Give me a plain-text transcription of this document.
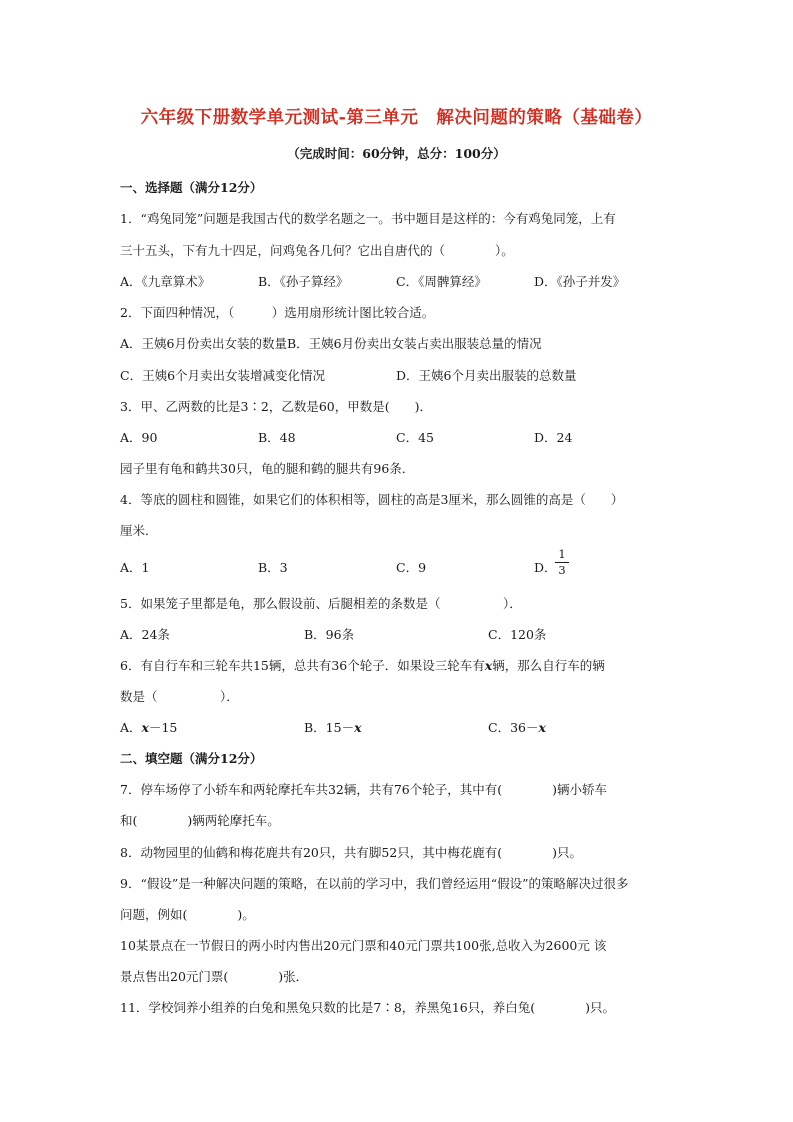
六年级下册数学单元测试-第三单元　解决问题的策略（基础卷）
（完成时间：60分钟，总分：100分）
一、选择题（满分12分）
1．“鸡兔同笼”问题是我国古代的数学名题之一。书中题目是这样的：今有鸡兔同笼，上有
三十五头，下有九十四足，问鸡兔各几何？它出自唐代的（　　　　）。
A．《九章算术》	B．《孙子算经》	C．《周髀算经》	D．《孙子并发》
2．下面四种情况，（　　　）选用扇形统计图比较合适。
A．王姨6月份卖出女装的数量B．王姨6月份卖出女装占卖出服装总量的情况
C．王姨6个月卖出女装增减变化情况	D．王姨6个月卖出服装的总数量
3．甲、乙两数的比是3∶2，乙数是60，甲数是(　　)．
A．90	B．48	C．45	D．24
园子里有龟和鹤共30只，龟的腿和鹤的腿共有96条．
4．等底的圆柱和圆锥，如果它们的体积相等，圆柱的高是3厘米，那么圆锥的高是（　　）
厘米．
A．1	B．3	C．9	D．
1
3
5．如果笼子里都是龟，那么假设前、后腿相差的条数是（　　　　　）．
A．24条	B．96条	C．120条
6．有自行车和三轮车共15辆，总共有36个轮子．如果设三轮车有x辆，那么自行车的辆
数是（　　　　　）．
A．x－15	B．15－x	C．36－x
二、填空题（满分12分）
7．停车场停了小轿车和两轮摩托车共32辆，共有76个轮子，其中有(　　　　)辆小轿车
和(　　　　)辆两轮摩托车。
8．动物园里的仙鹤和梅花鹿共有20只，共有脚52只，其中梅花鹿有(　　　　)只。
9．“假设”是一种解决问题的策略，在以前的学习中，我们曾经运用“假设”的策略解决过很多
问题，例如(　　　　)。
10某景点在一节假日的两小时内售出20元门票和40元门票共100张,总收入为2600元 该
景点售出20元门票(　　　　)张．
11．学校饲养小组养的白兔和黑兔只数的比是7∶8，养黑兔16只，养白兔(　　　　)只。
